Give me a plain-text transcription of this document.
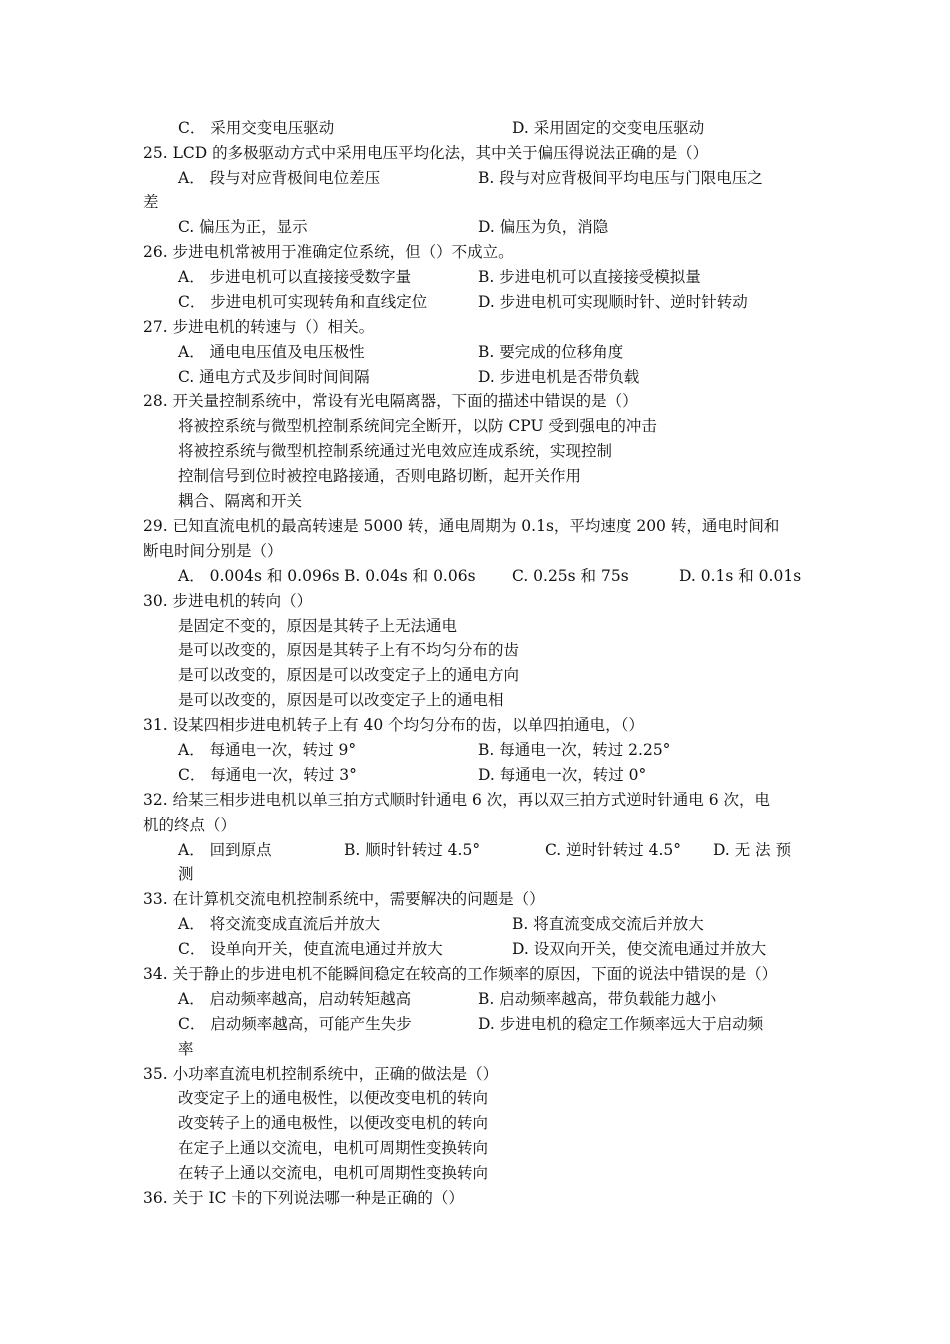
C． 采用交变电压驱动	D. 采用固定的交变电压驱动
25. LCD 的多极驱动方式中采用电压平均化法，其中关于偏压得说法正确的是（）
A． 段与对应背极间电位差压	B. 段与对应背极间平均电压与门限电压之
差
C. 偏压为正，显示	D. 偏压为负，消隐
26. 步进电机常被用于准确定位系统，但（）不成立。
A． 步进电机可以直接接受数字量	B. 步进电机可以直接接受模拟量
C． 步进电机可实现转角和直线定位	D. 步进电机可实现顺时针、逆时针转动
27. 步进电机的转速与（）相关。
A． 通电电压值及电压极性	B. 要完成的位移角度
C. 通电方式及步间时间间隔	D. 步进电机是否带负载
28. 开关量控制系统中，常设有光电隔离器，下面的描述中错误的是（）
将被控系统与微型机控制系统间完全断开，以防 CPU 受到强电的冲击
将被控系统与微型机控制系统通过光电效应连成系统，实现控制
控制信号到位时被控电路接通，否则电路切断，起开关作用
耦合、隔离和开关
29. 已知直流电机的最高转速是 5000 转，通电周期为 0.1s，平均速度 200 转，通电时间和
断电时间分别是（）
A． 0.004s 和 0.096s B. 0.04s 和 0.06s C. 0.25s 和 75s	D. 0.1s 和 0.01s
30. 步进电机的转向（）
是固定不变的，原因是其转子上无法通电
是可以改变的，原因是其转子上有不均匀分布的齿
是可以改变的，原因是可以改变定子上的通电方向
是可以改变的，原因是可以改变定子上的通电相
31. 设某四相步进电机转子上有 40 个均匀分布的齿，以单四拍通电，（）
A． 每通电一次，转过 9°	B. 每通电一次，转过 2.25°
C． 每通电一次，转过 3°	D. 每通电一次，转过 0°
32. 给某三相步进电机以单三拍方式顺时针通电 6 次，再以双三拍方式逆时针通电 6 次，电
机的终点（）
A． 回到原点	B. 顺时针转过 4.5°	C. 逆时针转过 4.5° D. 无 法 预
测
33. 在计算机交流电机控制系统中，需要解决的问题是（）
A． 将交流变成直流后并放大	B. 将直流变成交流后并放大
C． 设单向开关，使直流电通过并放大	D. 设双向开关，使交流电通过并放大
34. 关于静止的步进电机不能瞬间稳定在较高的工作频率的原因，下面的说法中错误的是（）
A． 启动频率越高，启动转矩越高	B. 启动频率越高，带负载能力越小
C． 启动频率越高，可能产生失步	D. 步进电机的稳定工作频率远大于启动频
率
35. 小功率直流电机控制系统中，正确的做法是（）
改变定子上的通电极性，以便改变电机的转向
改变转子上的通电极性，以便改变电机的转向
在定子上通以交流电，电机可周期性变换转向
在转子上通以交流电，电机可周期性变换转向
36. 关于 IC 卡的下列说法哪一种是正确的（）
